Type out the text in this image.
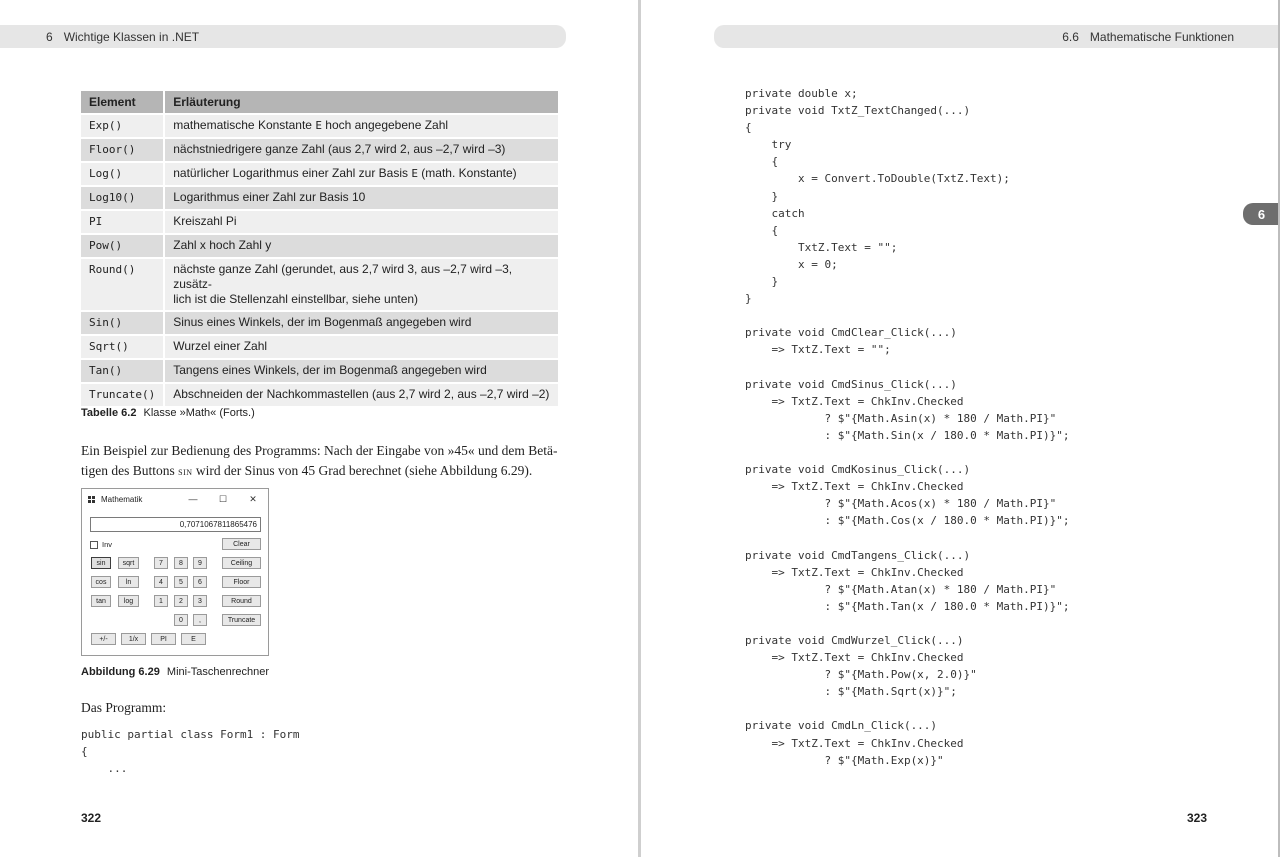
6 Wichtige Klassen in .NET
Element	Erläuterung
Exp()	mathematische Konstante E hoch angegebene Zahl
Floor()	nächstniedrigere ganze Zahl (aus 2,7 wird 2, aus –2,7 wird –3)
Log()	natürlicher Logarithmus einer Zahl zur Basis E (math. Konstante)
Log10()	Logarithmus einer Zahl zur Basis 10
PI	Kreiszahl Pi
Pow()	Zahl x hoch Zahl y
Round()	nächste ganze Zahl (gerundet, aus 2,7 wird 3, aus –2,7 wird –3, zusätz-
lich ist die Stellenzahl einstellbar, siehe unten)

Sin()	Sinus eines Winkels, der im Bogenmaß angegeben wird
Sqrt()	Wurzel einer Zahl
Tan()	Tangens eines Winkels, der im Bogenmaß angegeben wird
Truncate()	Abschneiden der Nachkommastellen (aus 2,7 wird 2, aus –2,7 wird –2)
Tabelle 6.2 Klasse »Math« (Forts.)
Ein Beispiel zur Bedienung des Programms: Nach der Eingabe von »45« und dem Betä-
tigen des Buttons sin wird der Sinus von 45 Grad berechnet (siehe Abbildung 6.29).
Mathematik	—	☐	✕
0,7071067811865476
Inv	Clear
sin	sqrt	7	8	9	Ceiling
cos	ln	4	5	6	Floor
tan	log	1	2	3	Round
0	,	Truncate
+/-	1/x	PI	E
Abbildung 6.29 Mini-Taschenrechner
Das Programm:
public partial class Form1 : Form
{
...
322
6.6 Mathematische Funktionen
private double x;
private void TxtZ_TextChanged(...)
{
try
{
x = Convert.ToDouble(TxtZ.Text);
}
catch
{
TxtZ.Text = "";
x = 0;
}
}

private void CmdClear_Click(...)
=> TxtZ.Text = "";

private void CmdSinus_Click(...)
=> TxtZ.Text = ChkInv.Checked
? $"{Math.Asin(x) * 180 / Math.PI}"
: $"{Math.Sin(x / 180.0 * Math.PI)}";

private void CmdKosinus_Click(...)
=> TxtZ.Text = ChkInv.Checked
? $"{Math.Acos(x) * 180 / Math.PI}"
: $"{Math.Cos(x / 180.0 * Math.PI)}";

private void CmdTangens_Click(...)
=> TxtZ.Text = ChkInv.Checked
? $"{Math.Atan(x) * 180 / Math.PI}"
: $"{Math.Tan(x / 180.0 * Math.PI)}";

private void CmdWurzel_Click(...)
=> TxtZ.Text = ChkInv.Checked
? $"{Math.Pow(x, 2.0)}"
: $"{Math.Sqrt(x)}";

private void CmdLn_Click(...)
=> TxtZ.Text = ChkInv.Checked
? $"{Math.Exp(x)}"
323
6
